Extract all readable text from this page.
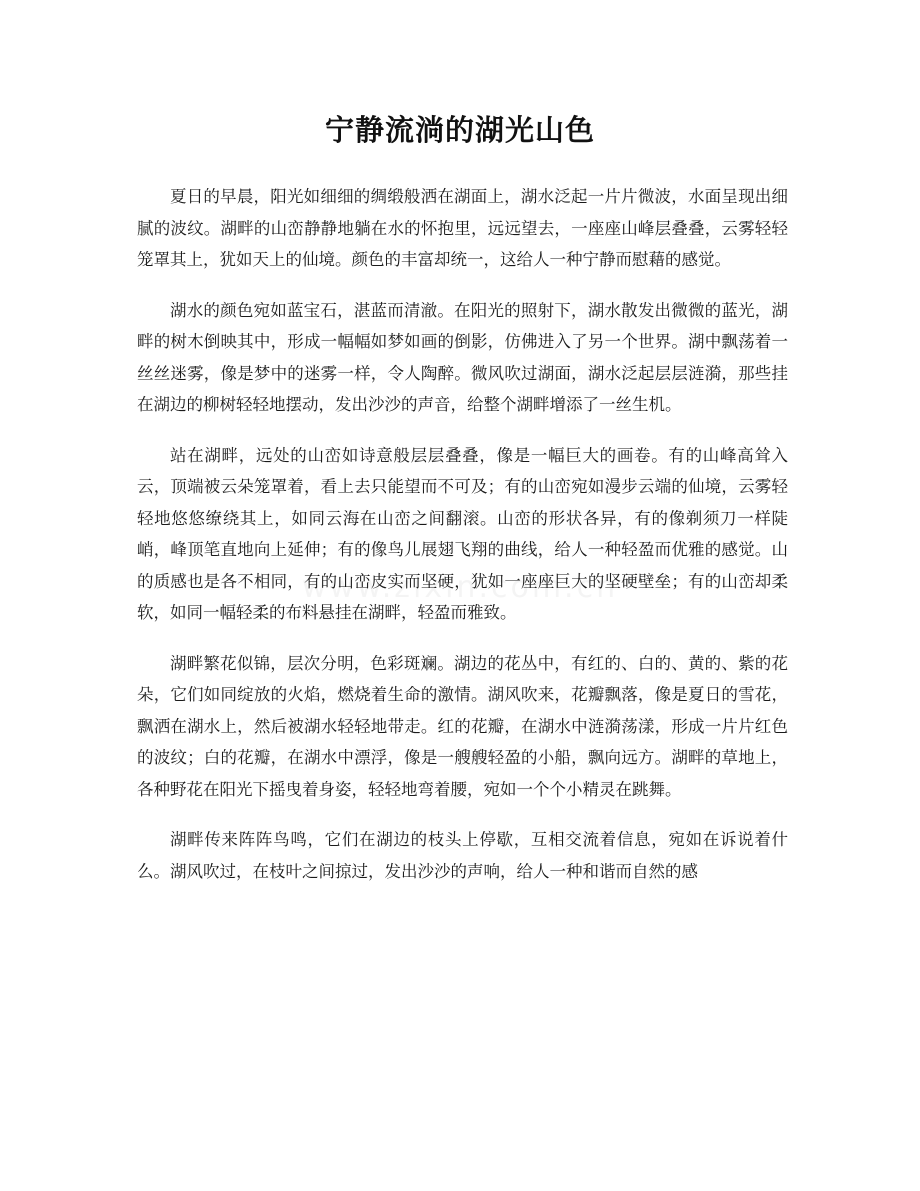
宁静流淌的湖光山色

夏日的早晨，阳光如细细的绸缎般洒在湖面上，湖水泛起一片片微波，水面呈现出细腻的波纹。湖畔的山峦静静地躺在水的怀抱里，远远望去，一座座山峰层叠叠，云雾轻轻笼罩其上，犹如天上的仙境。颜色的丰富却统一，这给人一种宁静而慰藉的感觉。

湖水的颜色宛如蓝宝石，湛蓝而清澈。在阳光的照射下，湖水散发出微微的蓝光，湖畔的树木倒映其中，形成一幅幅如梦如画的倒影，仿佛进入了另一个世界。湖中飘荡着一丝丝迷雾，像是梦中的迷雾一样，令人陶醉。微风吹过湖面，湖水泛起层层涟漪，那些挂在湖边的柳树轻轻地摆动，发出沙沙的声音，给整个湖畔增添了一丝生机。

站在湖畔，远处的山峦如诗意般层层叠叠，像是一幅巨大的画卷。有的山峰高耸入云，顶端被云朵笼罩着，看上去只能望而不可及；有的山峦宛如漫步云端的仙境，云雾轻轻地悠悠缭绕其上，如同云海在山峦之间翻滚。山峦的形状各异，有的像剃须刀一样陡峭，峰顶笔直地向上延伸；有的像鸟儿展翅飞翔的曲线，给人一种轻盈而优雅的感觉。山的质感也是各不相同，有的山峦皮实而坚硬，犹如一座座巨大的坚硬壁垒；有的山峦却柔软，如同一幅轻柔的布料悬挂在湖畔，轻盈而雅致。

湖畔繁花似锦，层次分明，色彩斑斓。湖边的花丛中，有红的、白的、黄的、紫的花朵，它们如同绽放的火焰，燃烧着生命的激情。湖风吹来，花瓣飘落，像是夏日的雪花，飘洒在湖水上，然后被湖水轻轻地带走。红的花瓣，在湖水中涟漪荡漾，形成一片片红色的波纹；白的花瓣，在湖水中漂浮，像是一艘艘轻盈的小船，飘向远方。湖畔的草地上，各种野花在阳光下摇曳着身姿，轻轻地弯着腰，宛如一个个小精灵在跳舞。

湖畔传来阵阵鸟鸣，它们在湖边的枝头上停歇，互相交流着信息，宛如在诉说着什么。湖风吹过，在枝叶之间掠过，发出沙沙的声响，给人一种和谐而自然的感
